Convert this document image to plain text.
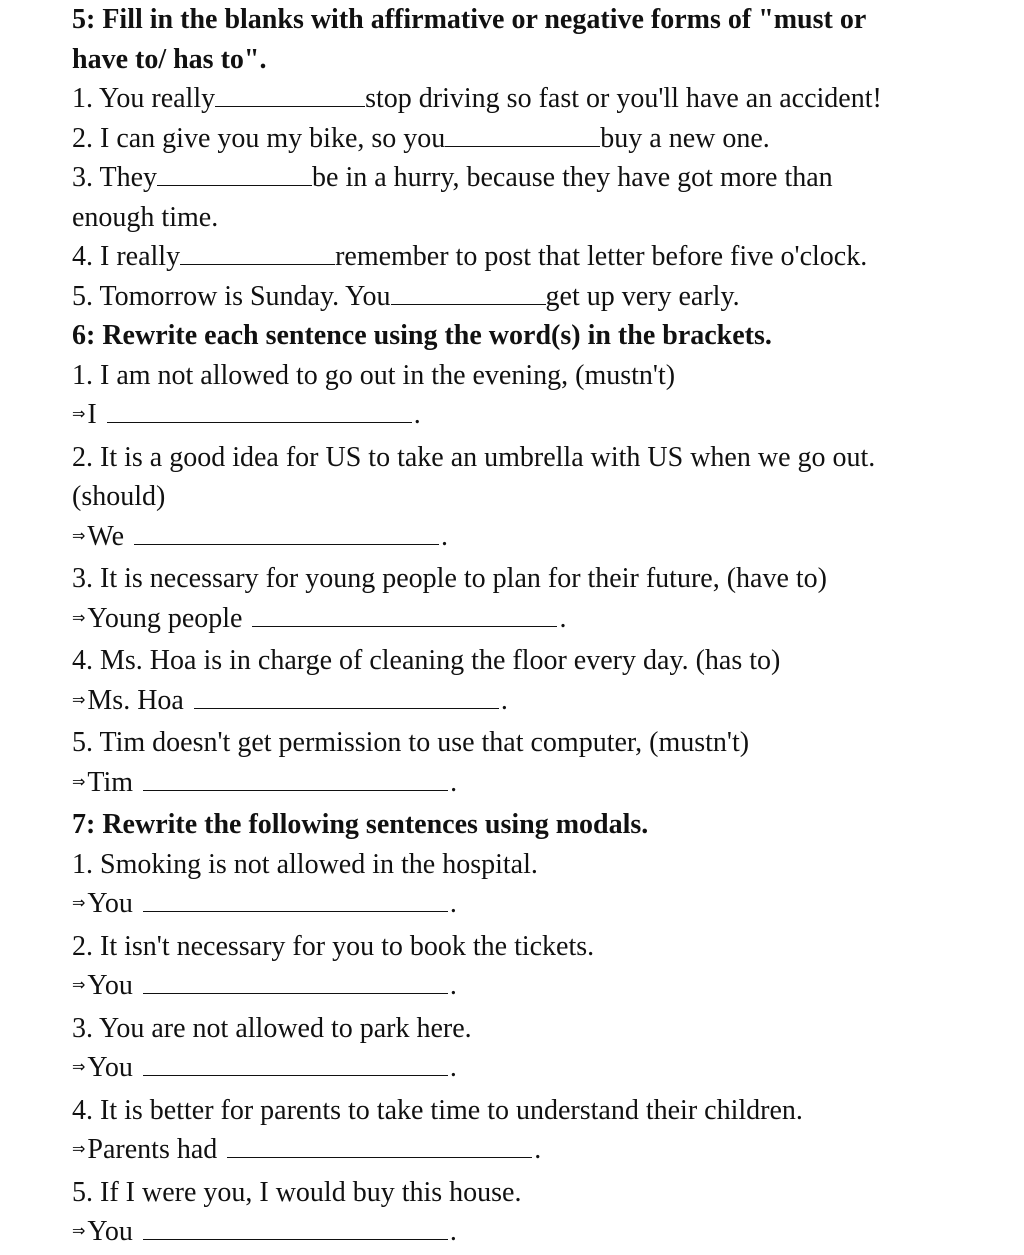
5: Fill in the blanks with affirmative or negative forms of "must or
have to/ has to".
1. You really	stop driving so fast or you'll have an accident!
2. I can give you my bike, so you	buy a new one.
3. They	be in a hurry, because they have got more than
enough time.
4. I really	remember to post that letter before five o'clock.
5. Tomorrow is Sunday. You	get up very early.
6: Rewrite each sentence using the word(s) in the brackets.
1. I am not allowed to go out in the evening, (mustn't)
⇒I	.
2. It is a good idea for US to take an umbrella with US when we go out.
(should)
⇒We	.
3. It is necessary for young people to plan for their future, (have to)
⇒Young people	.
4. Ms. Hoa is in charge of cleaning the floor every day. (has to)
⇒Ms. Hoa	.
5. Tim doesn't get permission to use that computer, (mustn't)
⇒Tim	.
7: Rewrite the following sentences using modals.
1. Smoking is not allowed in the hospital.
⇒You	.
2. It isn't necessary for you to book the tickets.
⇒You	.
3. You are not allowed to park here.
⇒You	.
4. It is better for parents to take time to understand their children.
⇒Parents had	.
5. If I were you, I would buy this house.
⇒You	.
